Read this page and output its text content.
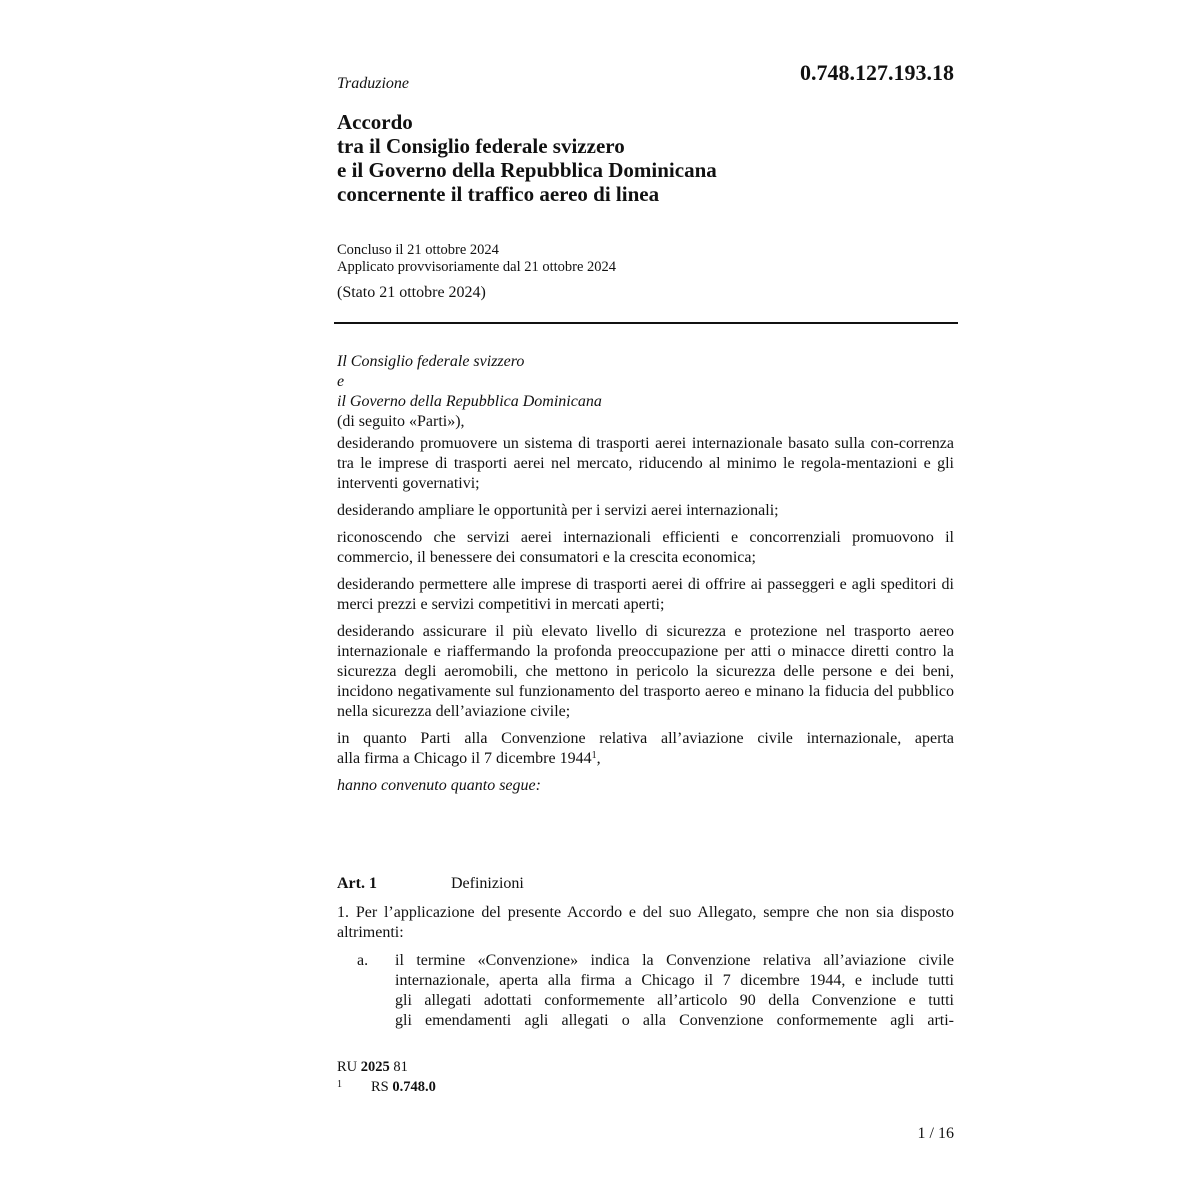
0.748.127.193.18
Traduzione
Accordo
tra il Consiglio federale svizzero
e il Governo della Repubblica Dominicana
concernente il traffico aereo di linea
Concluso il 21 ottobre 2024
Applicato provvisoriamente dal 21 ottobre 2024
(Stato 21 ottobre 2024)
Il Consiglio federale svizzero
e
il Governo della Repubblica Dominicana
(di seguito «Parti»),
desiderando promuovere un sistema di trasporti aerei internazionale basato sulla con-correnza tra le imprese di trasporti aerei nel mercato, riducendo al minimo le regola-mentazioni e gli interventi governativi;
desiderando ampliare le opportunità per i servizi aerei internazionali;
riconoscendo che servizi aerei internazionali efficienti e concorrenziali promuovono il commercio, il benessere dei consumatori e la crescita economica;
desiderando permettere alle imprese di trasporti aerei di offrire ai passeggeri e agli speditori di merci prezzi e servizi competitivi in mercati aperti;
desiderando assicurare il più elevato livello di sicurezza e protezione nel trasporto aereo internazionale e riaffermando la profonda preoccupazione per atti o minacce diretti contro la sicurezza degli aeromobili, che mettono in pericolo la sicurezza delle persone e dei beni, incidono negativamente sul funzionamento del trasporto aereo e minano la fiducia del pubblico nella sicurezza dell’aviazione civile;
in quanto Parti alla Convenzione relativa all’aviazione civile internazionale, aperta
alla firma a Chicago il 7 dicembre 1944$^1$,
hanno convenuto quanto segue:
Art. 1	Definizioni
1. Per l’applicazione del presente Accordo e del suo Allegato, sempre che non sia disposto altrimenti:
a. il termine «Convenzione» indica la Convenzione relativa all’aviazione civile
internazionale, aperta alla firma a Chicago il 7 dicembre 1944, e include tutti
gli allegati adottati conformemente all’articolo 90 della Convenzione e tutti
gli emendamenti agli allegati o alla Convenzione conformemente agli arti-
RU 2025 81
$^1$ RS 0.748.0
1 / 16
